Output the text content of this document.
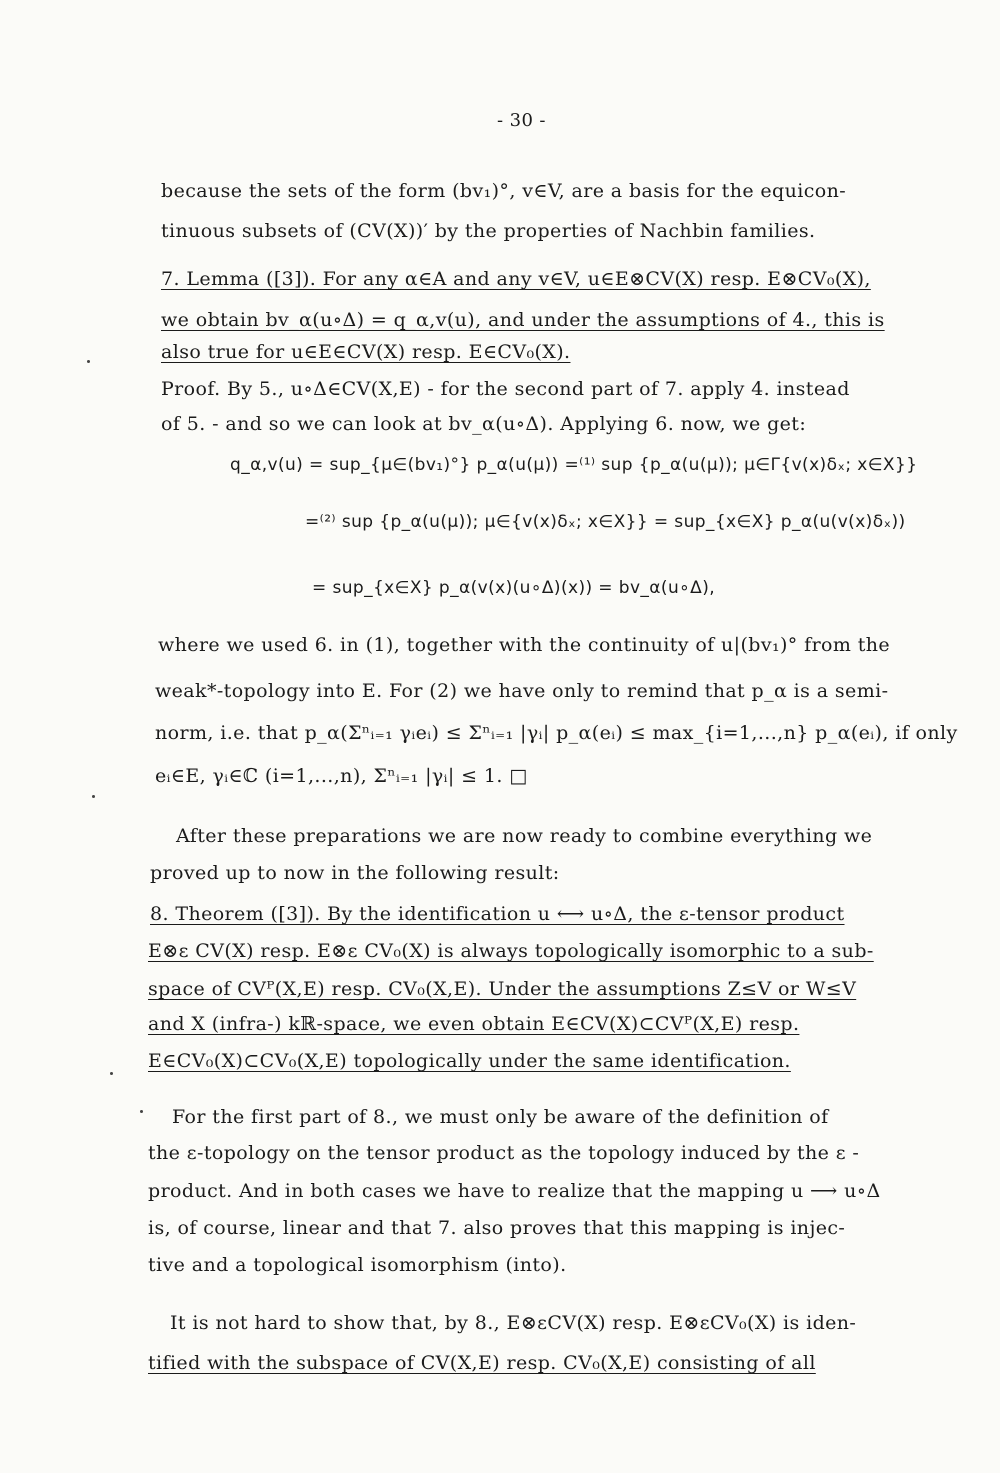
- 30 -
because the sets of the form (bv₁)°, v∈V, are a basis for the equicon-
tinuous subsets of (CV(X))′ by the properties of Nachbin families.
7. Lemma ([3]). For any α∈A and any v∈V, u∈E⊗CV(X) resp. E⊗CV₀(X),
we obtain bv_α(u∘Δ) = q_α,v(u), and under the assumptions of 4., this is
also true for u∈E∈CV(X) resp. E∈CV₀(X).
Proof. By 5., u∘Δ∈CV(X,E) - for the second part of 7. apply 4. instead
of 5. - and so we can look at bv_α(u∘Δ). Applying 6. now, we get:
q_α,v(u) = sup_{μ∈(bv₁)°} p_α(u(μ)) =⁽¹⁾ sup {p_α(u(μ)); μ∈Γ{v(x)δₓ; x∈X}}
=⁽²⁾ sup {p_α(u(μ)); μ∈{v(x)δₓ; x∈X}} = sup_{x∈X} p_α(u(v(x)δₓ))
= sup_{x∈X} p_α(v(x)(u∘Δ)(x)) = bv_α(u∘Δ),
where we used 6. in (1), together with the continuity of u|(bv₁)° from the
weak*-topology into E. For (2) we have only to remind that p_α is a semi-
norm, i.e. that p_α(Σⁿᵢ₌₁ γᵢeᵢ) ≤ Σⁿᵢ₌₁ |γᵢ| p_α(eᵢ) ≤ max_{i=1,...,n} p_α(eᵢ), if only
eᵢ∈E, γᵢ∈ℂ (i=1,...,n), Σⁿᵢ₌₁ |γᵢ| ≤ 1. □
After these preparations we are now ready to combine everything we
proved up to now in the following result:
8. Theorem ([3]). By the identification u ⟷ u∘Δ, the ε-tensor product
E⊗ε CV(X) resp. E⊗ε CV₀(X) is always topologically isomorphic to a sub-
space of CVᴾ(X,E) resp. CV₀(X,E). Under the assumptions Z≤V or W≤V
and X (infra-) kℝ-space, we even obtain E∈CV(X)⊂CVᴾ(X,E) resp.
E∈CV₀(X)⊂CV₀(X,E) topologically under the same identification.
For the first part of 8., we must only be aware of the definition of
the ε-topology on the tensor product as the topology induced by the ε -
product. And in both cases we have to realize that the mapping u ⟶ u∘Δ
is, of course, linear and that 7. also proves that this mapping is injec-
tive and a topological isomorphism (into).
It is not hard to show that, by 8., E⊗εCV(X) resp. E⊗εCV₀(X) is iden-
tified with the subspace of CV(X,E) resp. CV₀(X,E) consisting of all
